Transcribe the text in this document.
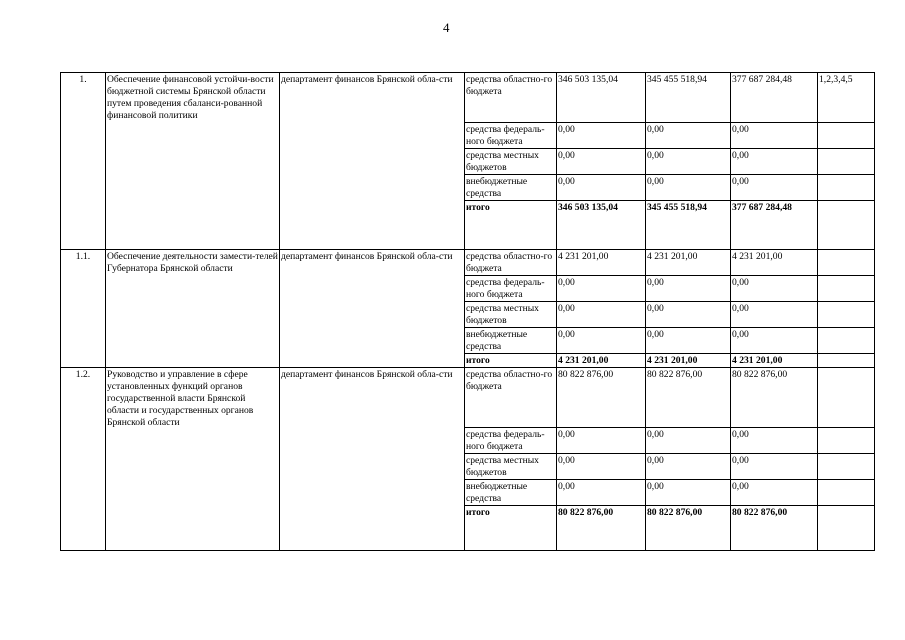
4
1.	Обеспечение финансовой устойчи-вости бюджетной системы Брянской области путем проведения сбаланси-рованной финансовой политики	департамент финансов Брянской обла-сти	средства областно-го бюджета	346 503 135,04	345 455 518,94	377 687 284,48	1,2,3,4,5
			средства федераль-ного бюджета	0,00	0,00	0,00	
			средства местных бюджетов	0,00	0,00	0,00	
			внебюджетные средства	0,00	0,00	0,00	
			итого	346 503 135,04	345 455 518,94	377 687 284,48	
1.1.	Обеспечение деятельности замести-телей Губернатора Брянской области	департамент финансов Брянской обла-сти	средства областно-го бюджета	4 231 201,00	4 231 201,00	4 231 201,00	
			средства федераль-ного бюджета	0,00	0,00	0,00	
			средства местных бюджетов	0,00	0,00	0,00	
			внебюджетные средства	0,00	0,00	0,00	
			итого	4 231 201,00	4 231 201,00	4 231 201,00	
1.2.	Руководство и управление в сфере установленных функций органов государственной власти Брянской области и государственных органов Брянской области	департамент финансов Брянской обла-сти	средства областно-го бюджета	80 822 876,00	80 822 876,00	80 822 876,00	
			средства федераль-ного бюджета	0,00	0,00	0,00	
			средства местных бюджетов	0,00	0,00	0,00	
			внебюджетные средства	0,00	0,00	0,00	
			итого	80 822 876,00	80 822 876,00	80 822 876,00	
